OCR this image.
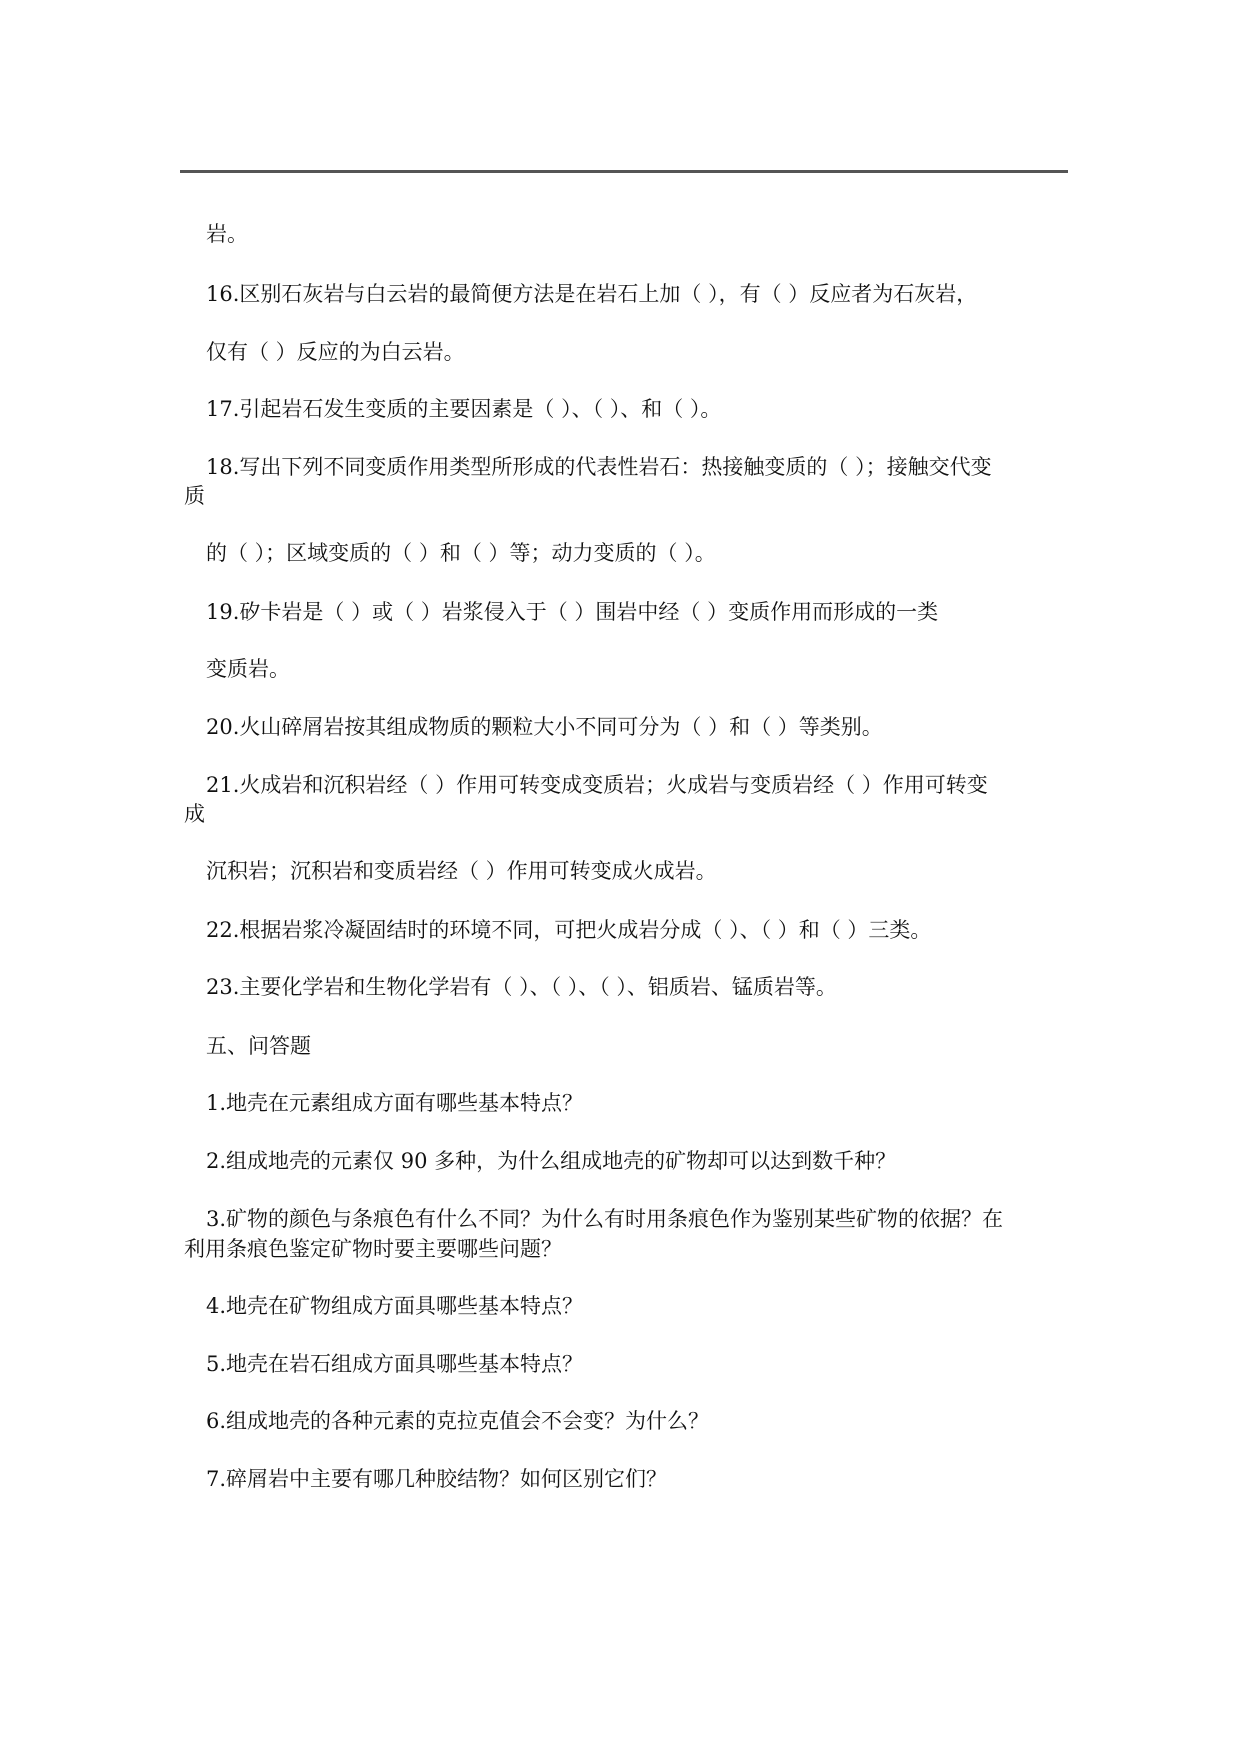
岩。
16.区别石灰岩与白云岩的最简便方法是在岩石上加（ ），有（ ）反应者为石灰岩，
仅有（ ）反应的为白云岩。
17.引起岩石发生变质的主要因素是（ ）、（ ）、和（ ）。
18.写出下列不同变质作用类型所形成的代表性岩石：热接触变质的（ ）；接触交代变
质
的（ ）；区域变质的（ ）和（ ）等；动力变质的（ ）。
19.矽卡岩是（ ）或（ ）岩浆侵入于（ ）围岩中经（ ）变质作用而形成的一类
变质岩。
20.火山碎屑岩按其组成物质的颗粒大小不同可分为（ ）和（ ）等类别。
21.火成岩和沉积岩经（ ）作用可转变成变质岩；火成岩与变质岩经（ ）作用可转变
成
沉积岩；沉积岩和变质岩经（ ）作用可转变成火成岩。
22.根据岩浆冷凝固结时的环境不同，可把火成岩分成（ ）、（ ）和（ ）三类。
23.主要化学岩和生物化学岩有（ ）、（ ）、（ ）、铝质岩、锰质岩等。
五、问答题
1.地壳在元素组成方面有哪些基本特点？
2.组成地壳的元素仅 90 多种，为什么组成地壳的矿物却可以达到数千种？
3.矿物的颜色与条痕色有什么不同？为什么有时用条痕色作为鉴别某些矿物的依据？在
利用条痕色鉴定矿物时要主要哪些问题？
4.地壳在矿物组成方面具哪些基本特点？
5.地壳在岩石组成方面具哪些基本特点？
6.组成地壳的各种元素的克拉克值会不会变？为什么？
7.碎屑岩中主要有哪几种胶结物？如何区别它们？
